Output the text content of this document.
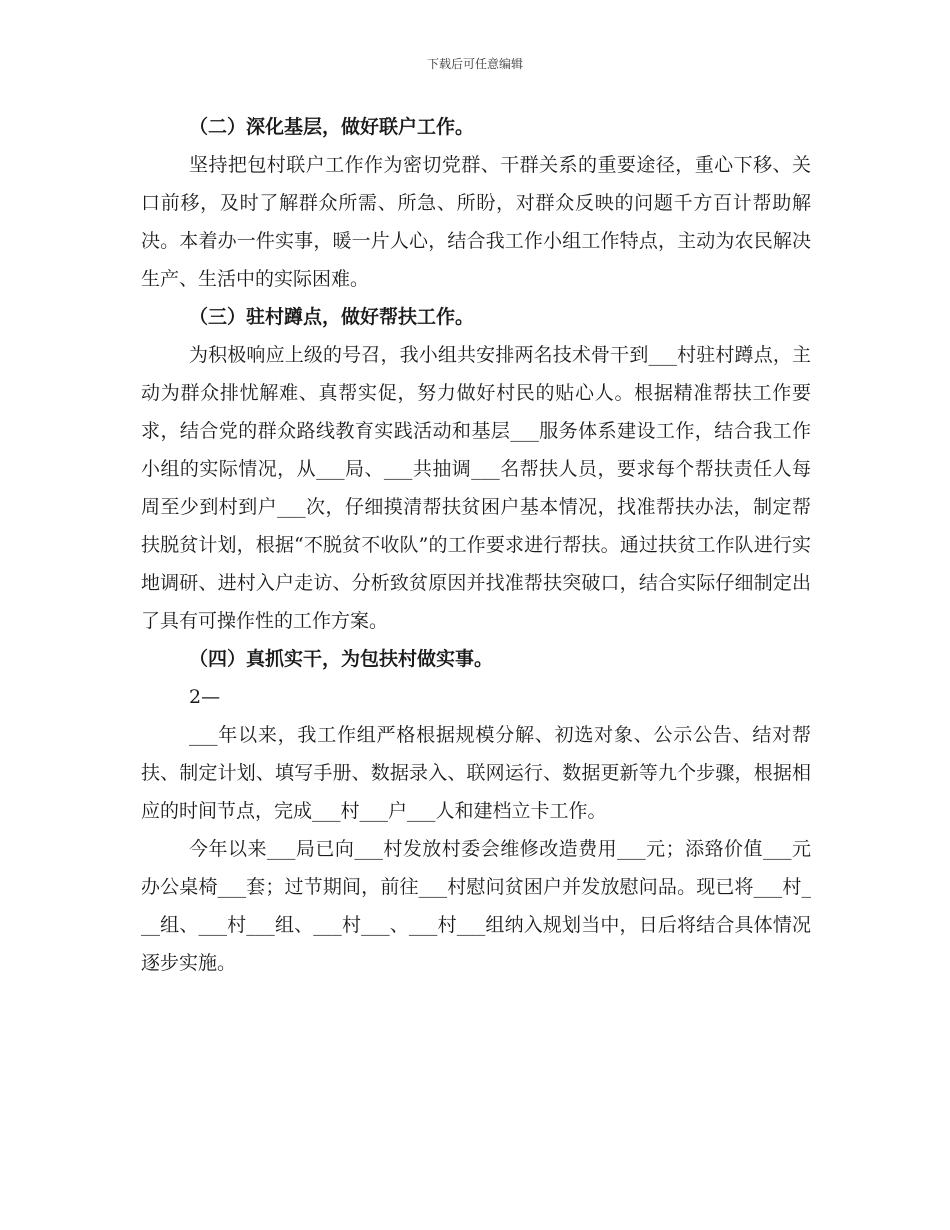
下载后可任意编辑
（二）深化基层，做好联户工作。

坚持把包村联户工作作为密切党群、干群关系的重要途径，重心下移、关口前移，及时了解群众所需、所急、所盼，对群众反映的问题千方百计帮助解决。本着办一件实事，暖一片人心，结合我工作小组工作特点，主动为农民解决生产、生活中的实际困难。

（三）驻村蹲点，做好帮扶工作。

为积极响应上级的号召，我小组共安排两名技术骨干到___村驻村蹲点，主动为群众排忧解难、真帮实促，努力做好村民的贴心人。根据精准帮扶工作要求，结合党的群众路线教育实践活动和基层___服务体系建设工作，结合我工作小组的实际情况，从___局、___共抽调___名帮扶人员，要求每个帮扶责任人每周至少到村到户___次，仔细摸清帮扶贫困户基本情况，找准帮扶办法，制定帮扶脱贫计划，根据“不脱贫不收队”的工作要求进行帮扶。通过扶贫工作队进行实地调研、进村入户走访、分析致贫原因并找准帮扶突破口，结合实际仔细制定出了具有可操作性的工作方案。

（四）真抓实干，为包扶村做实事。
2—

___年以来，我工作组严格根据规模分解、初选对象、公示公告、结对帮扶、制定计划、填写手册、数据录入、联网运行、数据更新等九个步骤，根据相应的时间节点，完成___村___户___人和建档立卡工作。

今年以来___局已向___村发放村委会维修改造费用___元；添臵价值___元办公桌椅___套；过节期间，前往___村慰问贫困户并发放慰问品。现已将___村___组、___村___组、___村___、___村___组纳入规划当中，日后将结合具体情况逐步实施。
